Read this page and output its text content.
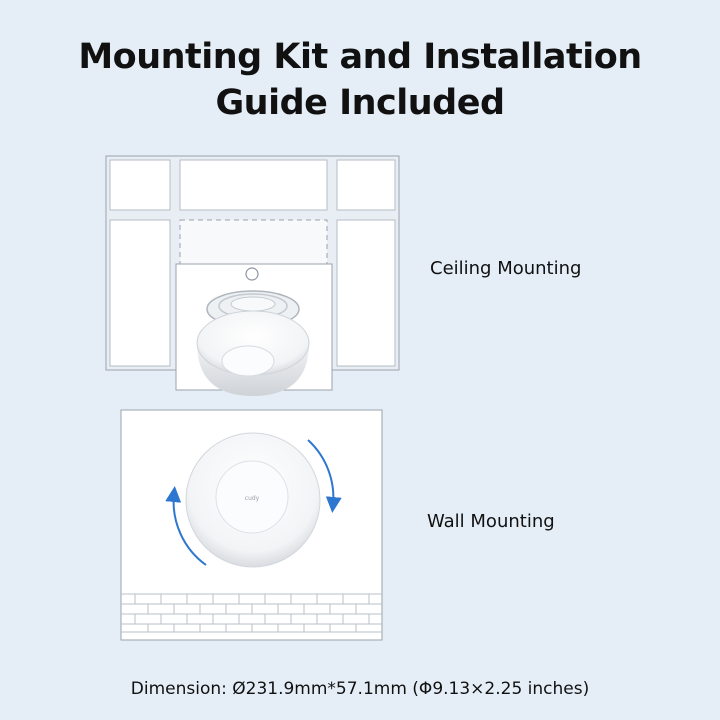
Mounting Kit and Installation
Guide Included
cudy
Ceiling Mounting
Wall Mounting
Dimension: Ø231.9mm*57.1mm (Φ9.13×2.25 inches)
